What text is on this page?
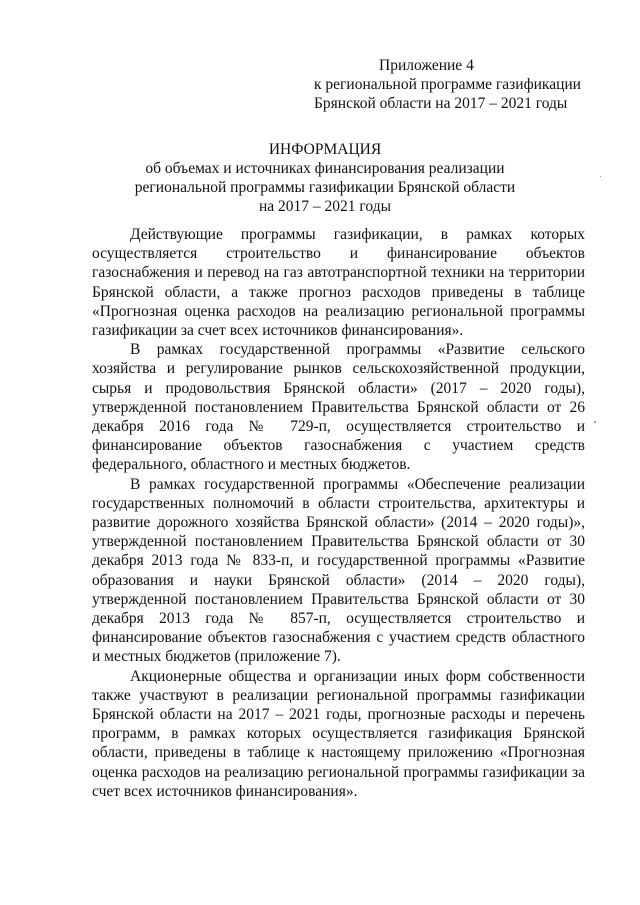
Приложение 4
к региональной программе газификации
Брянской области на 2017 – 2021 годы
ИНФОРМАЦИЯ
об объемах и источниках финансирования реализации
региональной программы газификации Брянской области
на 2017 – 2021 годы

Действующие программы газификации, в рамках которых осуществляется строительство и финансирование объектов газоснабжения и перевод на газ автотранспортной техники на территории Брянской области, а также прогноз расходов приведены в таблице «Прогнозная оценка расходов на реализацию региональной программы газификации за счет всех источников финансирования».

В рамках государственной программы «Развитие сельского хозяйства и регулирование рынков сельскохозяйственной продукции, сырья и продовольствия Брянской области» (2017 – 2020 годы), утвержденной постановлением Правительства Брянской области от 26 декабря 2016 года № 729-п, осуществляется строительство и финансирование объектов газоснабжения с участием средств федерального, областного и местных бюджетов.

В рамках государственной программы «Обеспечение реализации государственных полномочий в области строительства, архитектуры и развитие дорожного хозяйства Брянской области» (2014 – 2020 годы)», утвержденной постановлением Правительства Брянской области от 30 декабря 2013 года № 833-п, и государственной программы «Развитие образования и науки Брянской области» (2014 – 2020 годы), утвержденной постановлением Правительства Брянской области от 30 декабря 2013 года № 857-п, осуществляется строительство и финансирование объектов газоснабжения с участием средств областного и местных бюджетов (приложение 7).

Акционерные общества и организации иных форм собственности также участвуют в реализации региональной программы газификации Брянской области на 2017 – 2021 годы, прогнозные расходы и перечень программ, в рамках которых осуществляется газификация Брянской области, приведены в таблице к настоящему приложению «Прогнозная оценка расходов на реализацию региональной программы газификации за счет всех источников финансирования».
